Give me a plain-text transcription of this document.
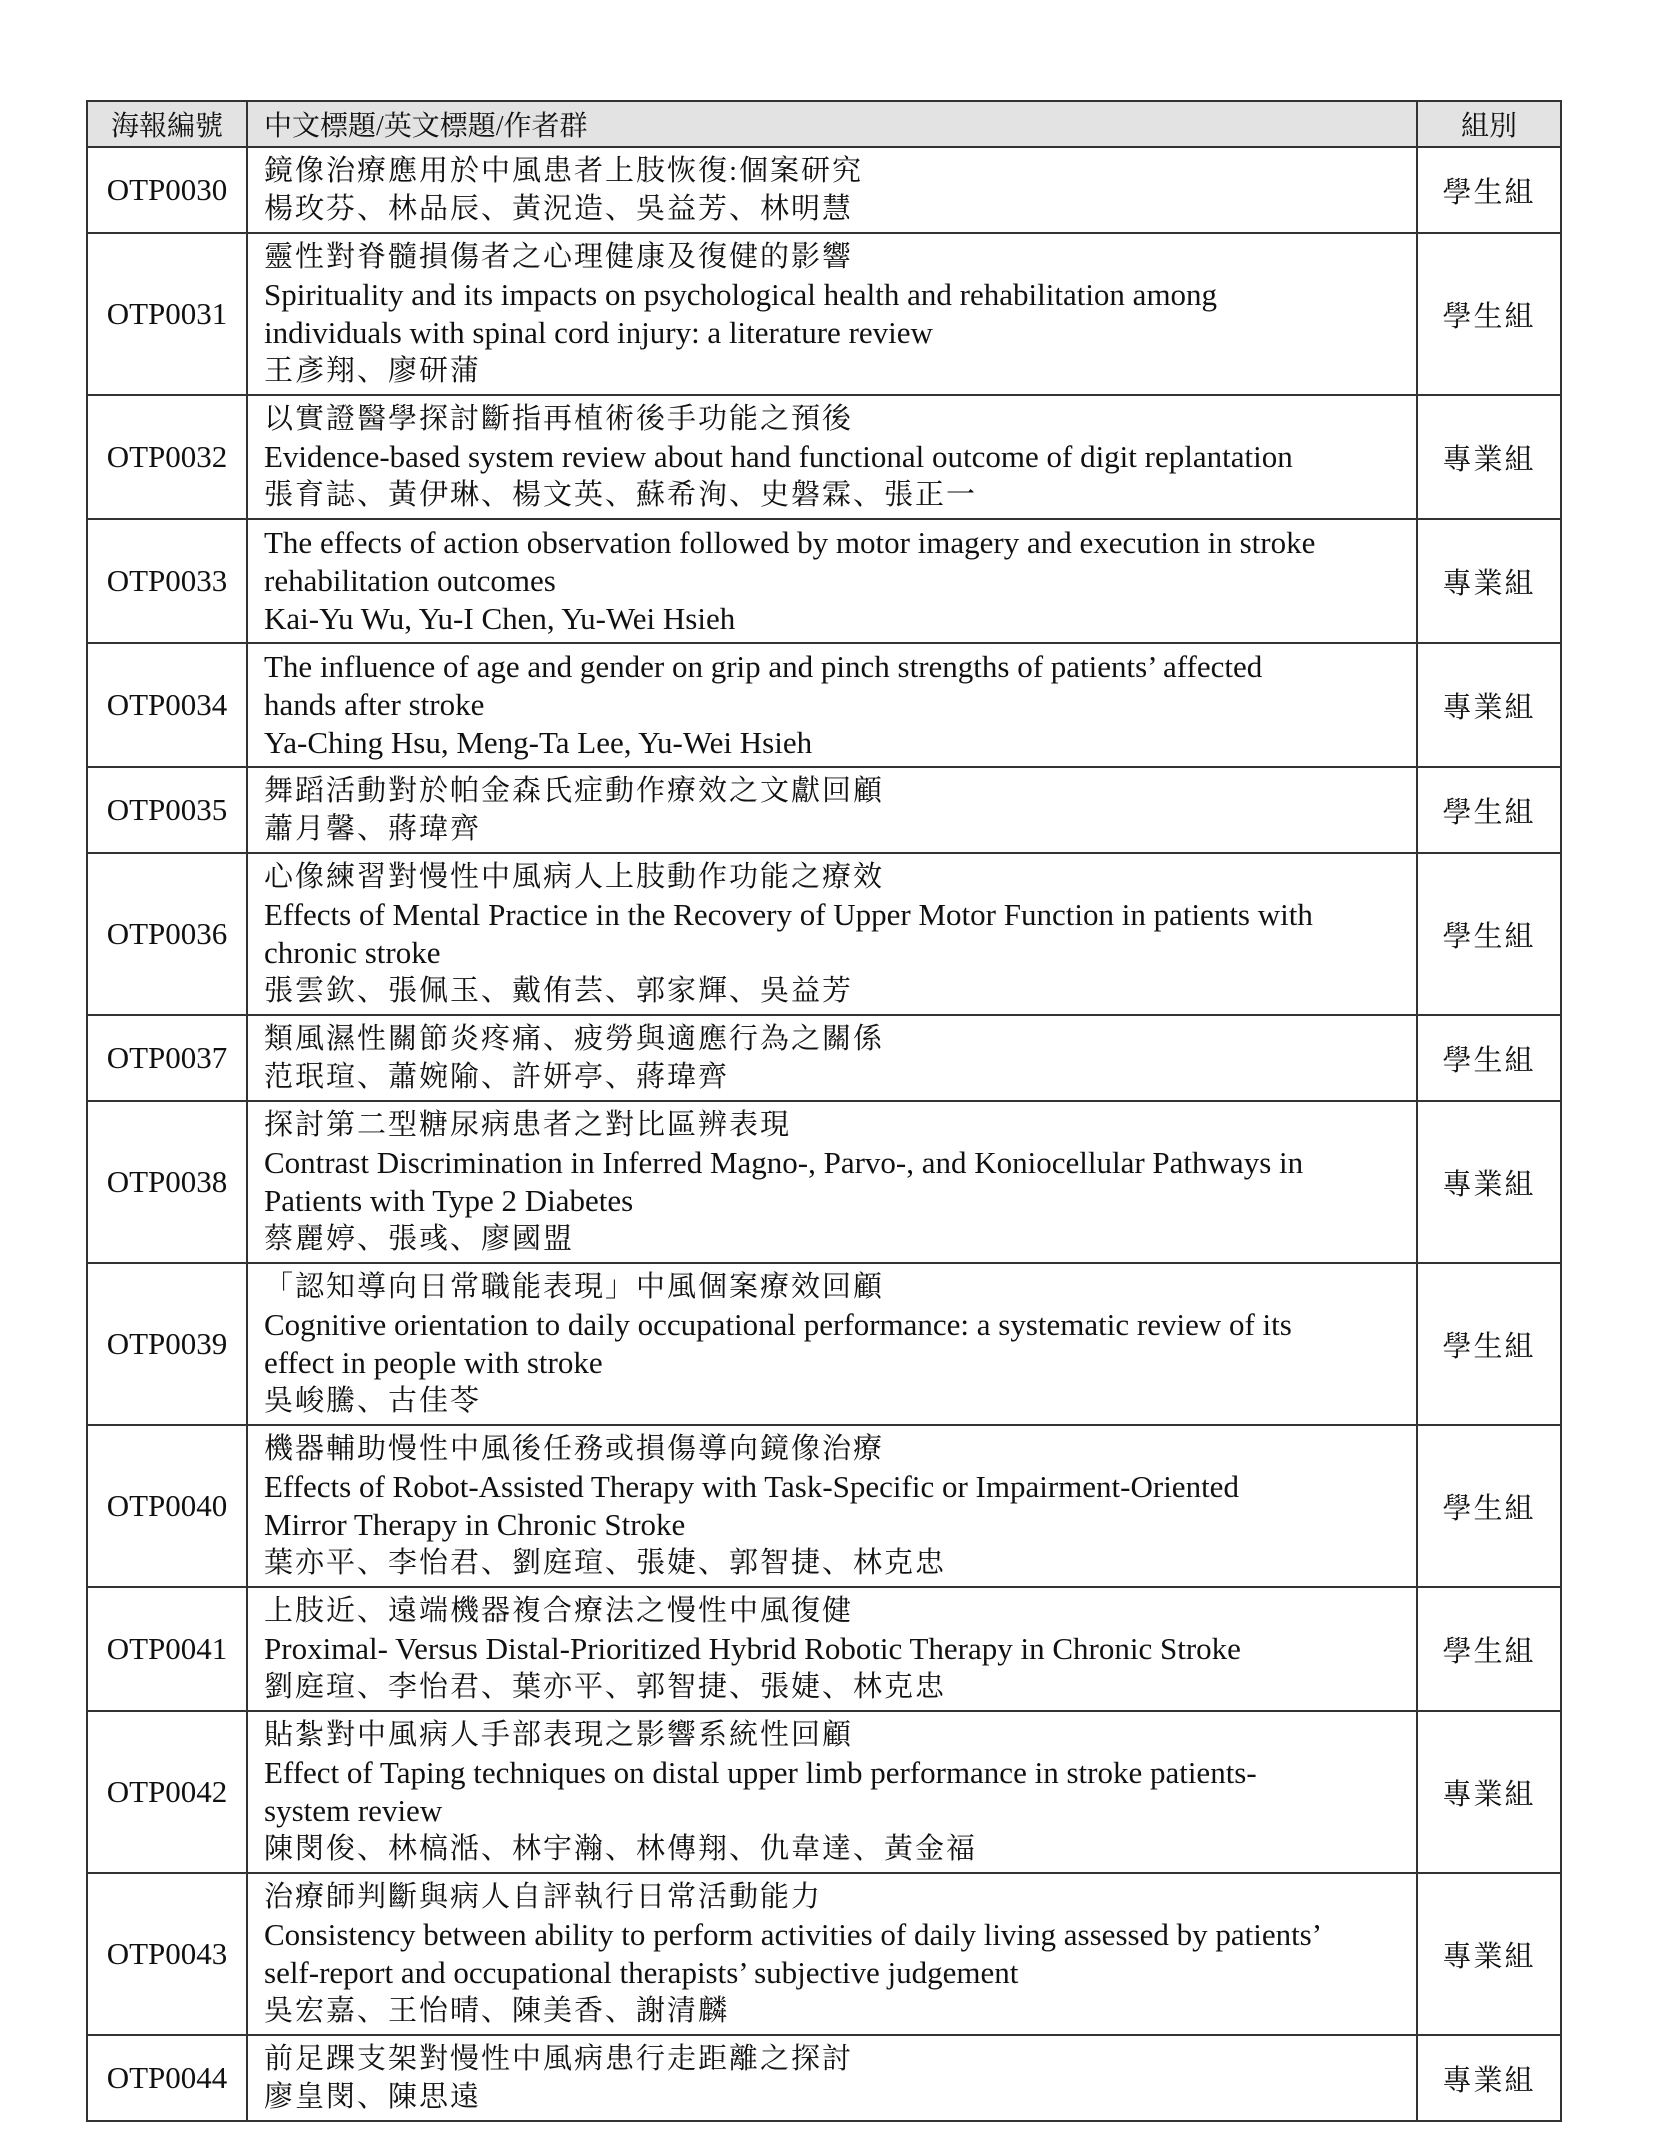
海報編號	中文標題/英文標題/作者群	組別
OTP0030	鏡像治療應用於中風患者上肢恢復:個案研究
楊玫芬、林品辰、黃況造、吳益芳、林明慧	學生組
OTP0031	靈性對脊髓損傷者之心理健康及復健的影響
Spirituality and its impacts on psychological health and rehabilitation among
individuals with spinal cord injury: a literature review
王彥翔、廖研蒲	學生組
OTP0032	以實證醫學探討斷指再植術後手功能之預後
Evidence-based system review about hand functional outcome of digit replantation
張育誌、黃伊琳、楊文英、蘇希洵、史磐霖、張正一	專業組
OTP0033	The effects of action observation followed by motor imagery and execution in stroke
rehabilitation outcomes
Kai-Yu Wu, Yu-I Chen, Yu-Wei Hsieh	專業組
OTP0034	The influence of age and gender on grip and pinch strengths of patients’ affected
hands after stroke
Ya-Ching Hsu, Meng-Ta Lee, Yu-Wei Hsieh	專業組
OTP0035	舞蹈活動對於帕金森氏症動作療效之文獻回顧
蕭月馨、蔣瑋齊	學生組
OTP0036	心像練習對慢性中風病人上肢動作功能之療效
Effects of Mental Practice in the Recovery of Upper Motor Function in patients with
chronic stroke
張雲欽、張佩玉、戴侑芸、郭家輝、吳益芳	學生組
OTP0037	類風濕性關節炎疼痛、疲勞與適應行為之關係
范珉瑄、蕭婉隃、許妍亭、蔣瑋齊	學生組
OTP0038	探討第二型糖尿病患者之對比區辨表現
Contrast Discrimination in Inferred Magno-, Parvo-, and Koniocellular Pathways in
Patients with Type 2 Diabetes
蔡麗婷、張彧、廖國盟	專業組
OTP0039	「認知導向日常職能表現」中風個案療效回顧
Cognitive orientation to daily occupational performance: a systematic review of its
effect in people with stroke
吳峻騰、古佳苓	學生組
OTP0040	機器輔助慢性中風後任務或損傷導向鏡像治療
Effects of Robot-Assisted Therapy with Task-Specific or Impairment-Oriented
Mirror Therapy in Chronic Stroke
葉亦平、李怡君、劉庭瑄、張婕、郭智捷、林克忠	學生組
OTP0041	上肢近、遠端機器複合療法之慢性中風復健
Proximal- Versus Distal-Prioritized Hybrid Robotic Therapy in Chronic Stroke
劉庭瑄、李怡君、葉亦平、郭智捷、張婕、林克忠	學生組
OTP0042	貼紮對中風病人手部表現之影響系統性回顧
Effect of Taping techniques on distal upper limb performance in stroke patients-
system review
陳閔俊、林槁湉、林宇瀚、林傳翔、仇韋達、黃金福	專業組
OTP0043	治療師判斷與病人自評執行日常活動能力
Consistency between ability to perform activities of daily living assessed by patients’
self-report and occupational therapists’ subjective judgement
吳宏嘉、王怡晴、陳美香、謝清麟	專業組
OTP0044	前足踝支架對慢性中風病患行走距離之探討
廖皇閔、陳思遠	專業組
